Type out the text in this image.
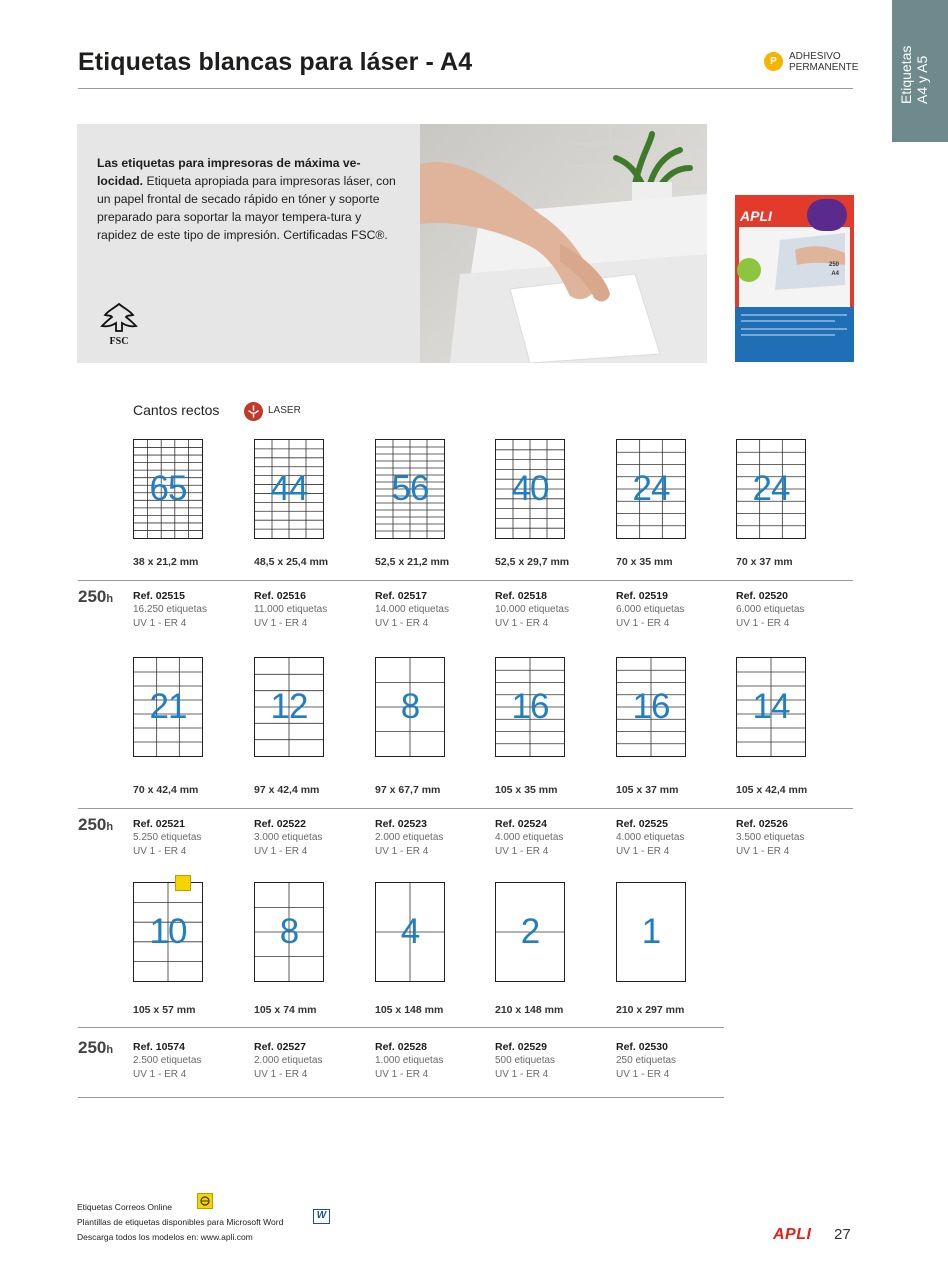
Etiquetas blancas para láser - A4	P	ADHESIVO
PERMANENTE	Etiquetas A4 y A5
Las etiquetas para impresoras de máxima ve-locidad. Etiqueta apropiada para impresoras láser, con un papel frontal de secado rápido en tóner y soporte preparado para soportar la mayor tempera-tura y rapidez de este tipo de impresión. Certificadas FSC®.
FSC
APLI
250
A4
Cantos rectos	LASER
250h
65
38 x 21,2 mm
Ref. 02515
16.250 etiquetas
UV 1 - ER 4
44
48,5 x 25,4 mm
Ref. 02516
11.000 etiquetas
UV 1 - ER 4
56
52,5 x 21,2 mm
Ref. 02517
14.000 etiquetas
UV 1 - ER 4
40
52,5 x 29,7 mm
Ref. 02518
10.000 etiquetas
UV 1 - ER 4
24
70 x 35 mm
Ref. 02519
6.000 etiquetas
UV 1 - ER 4
24
70 x 37 mm
Ref. 02520
6.000 etiquetas
UV 1 - ER 4
250h
21
70 x 42,4 mm
Ref. 02521
5.250 etiquetas
UV 1 - ER 4
12
97 x 42,4 mm
Ref. 02522
3.000 etiquetas
UV 1 - ER 4
8
97 x 67,7 mm
Ref. 02523
2.000 etiquetas
UV 1 - ER 4
16
105 x 35 mm
Ref. 02524
4.000 etiquetas
UV 1 - ER 4
16
105 x 37 mm
Ref. 02525
4.000 etiquetas
UV 1 - ER 4
14
105 x 42,4 mm
Ref. 02526
3.500 etiquetas
UV 1 - ER 4
250h
10
105 x 57 mm
Ref. 10574
2.500 etiquetas
UV 1 - ER 4
8
105 x 74 mm
Ref. 02527
2.000 etiquetas
UV 1 - ER 4
4
105 x 148 mm
Ref. 02528
1.000 etiquetas
UV 1 - ER 4
2
210 x 148 mm
Ref. 02529
500 etiquetas
UV 1 - ER 4
1
210 x 297 mm
Ref. 02530
250 etiquetas
UV 1 - ER 4
Etiquetas Correos Online
Plantillas de etiquetas disponibles para Microsoft Word
W
Descarga todos los modelos en: www.apli.com	APLI 27
